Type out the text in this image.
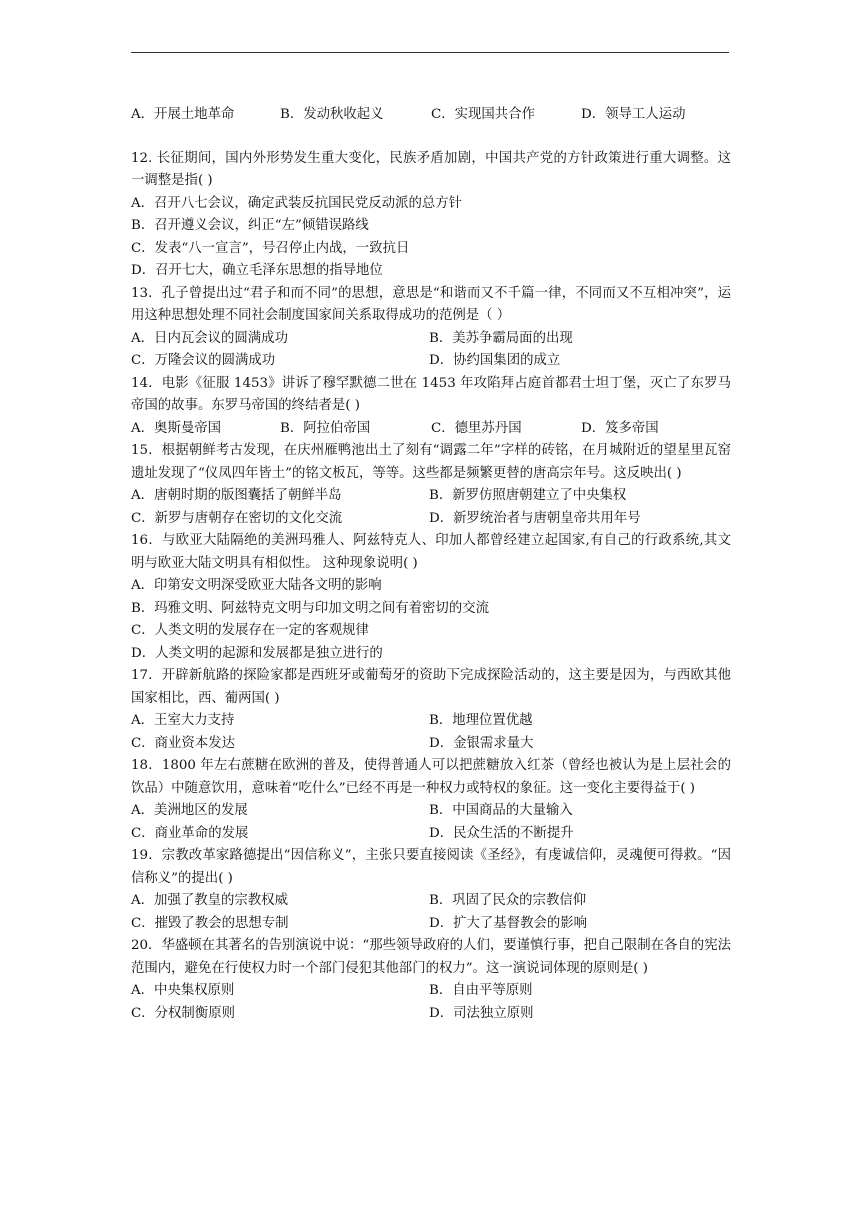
A．开展土地革命	B．发动秋收起义	C．实现国共合作	D．领导工人运动
12. 长征期间，国内外形势发生重大变化，民族矛盾加剧，中国共产党的方针政策进行重大调整。这一调整是指( )
A．召开八七会议，确定武装反抗国民党反动派的总方针
B．召开遵义会议，纠正“左”倾错误路线
C．发表“八一宣言”，号召停止内战，一致抗日
D．召开七大，确立毛泽东思想的指导地位
13．孔子曾提出过“君子和而不同”的思想，意思是“和谐而又不千篇一律，不同而又不互相冲突”，运用这种思想处理不同社会制度国家间关系取得成功的范例是（ ）
A．日内瓦会议的圆满成功	B．美苏争霸局面的出现
C．万隆会议的圆满成功	D．协约国集团的成立
14．电影《征服 1453》讲诉了穆罕默德二世在 1453 年攻陷拜占庭首都君士坦丁堡，灭亡了东罗马帝国的故事。东罗马帝国的终结者是( )
A．奥斯曼帝国	B．阿拉伯帝国	C．德里苏丹国	D．笈多帝国
15．根据朝鲜考古发现，在庆州雁鸭池出土了刻有“调露二年”字样的砖铭，在月城附近的望星里瓦窑遗址发现了“仪凤四年皆土”的铭文板瓦，等等。这些都是频繁更替的唐高宗年号。这反映出( )
A．唐朝时期的版图囊括了朝鲜半岛	B．新罗仿照唐朝建立了中央集权
C．新罗与唐朝存在密切的文化交流	D．新罗统治者与唐朝皇帝共用年号
16．与欧亚大陆隔绝的美洲玛雅人、阿兹特克人、印加人都曾经建立起国家,有自己的行政系统,其文明与欧亚大陆文明具有相似性。 这种现象说明( )
A．印第安文明深受欧亚大陆各文明的影响
B．玛雅文明、阿兹特克文明与印加文明之间有着密切的交流
C．人类文明的发展存在一定的客观规律
D．人类文明的起源和发展都是独立进行的
17．开辟新航路的探险家都是西班牙或葡萄牙的资助下完成探险活动的，这主要是因为，与西欧其他国家相比，西、葡两国( )
A．王室大力支持	B．地理位置优越
C．商业资本发达	D．金银需求量大
18．1800 年左右蔗糖在欧洲的普及，使得普通人可以把蔗糖放入红茶（曾经也被认为是上层社会的饮品）中随意饮用，意味着“吃什么”已经不再是一种权力或特权的象征。这一变化主要得益于( )
A．美洲地区的发展	B．中国商品的大量输入
C．商业革命的发展	D．民众生活的不断提升
19．宗教改革家路德提出“因信称义”，主张只要直接阅读《圣经》，有虔诚信仰，灵魂便可得救。“因信称义”的提出( )
A．加强了教皇的宗教权威	B．巩固了民众的宗教信仰
C．摧毁了教会的思想专制	D．扩大了基督教会的影响
20．华盛顿在其著名的告别演说中说：“那些领导政府的人们，要谨慎行事，把自己限制在各自的宪法范围内，避免在行使权力时一个部门侵犯其他部门的权力”。这一演说词体现的原则是( )
A．中央集权原则	B．自由平等原则
C．分权制衡原则	D．司法独立原则
